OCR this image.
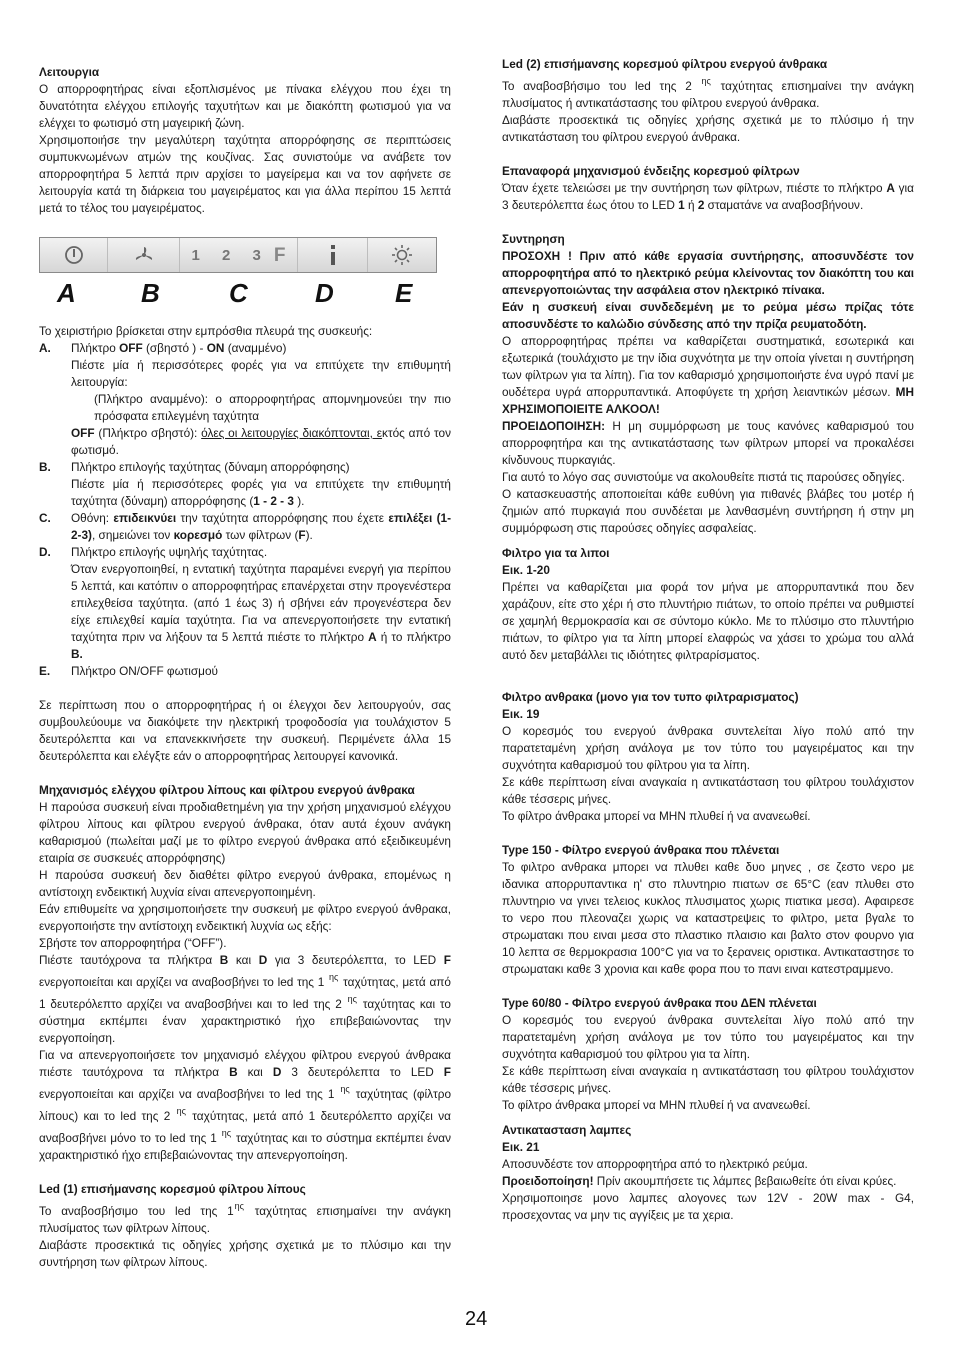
Λειτουργια

Ο απορροφητήρας είναι εξοπλισμένος με πίνακα ελέγχου που έχει τη δυνατότητα ελέγχου επιλογής ταχυτήτων και με διακόπτη φωτισμού για να ελέγχει το φωτισμό στη μαγειρική ζώνη.

Χρησιμοποιήσε την μεγαλύτερη ταχύτητα απορρόφησης σε περιπτώσεις συμπυκνωμένων ατμών της κουζίνας. Σας συνιστούμε να ανάβετε τον απορροφητήρα 5 λεπτά πριν αρχίσει το μαγείρεμα και να τον αφήνετε σε λειτουργία κατά τη διάρκεια του μαγειρέματος και για άλλα περίπου 15 λεπτά μετά το τέλος του μαγειρέματος.

1 2 3 F
A	B	C	D	E

Το χειριστήριο βρίσκεται στην εμπρόσθια πλευρά της συσκευής:

A.	Πλήκτρο OFF (σβηστό ) - ON (αναμμένο)

Πιέστε μία ή περισσότερες φορές για να επιτύχετε την επιθυμητή λειτουργία:

(Πλήκτρο αναμμένο): ο απορροφητήρας απομνημονεύει την πιο πρόσφατα επιλεγμένη ταχύτητα

OFF (Πλήκτρο σβηστό): όλες οι λειτουργίες διακόπτονται, εκτός από τον φωτισμό.

B.	Πλήκτρο επιλογής ταχύτητας (δύναμη απορρόφησης)

Πιέστε μία ή περισσότερες φορές για να επιτύχετε την επιθυμητή ταχύτητα (δύναμη) απορρόφησης (1 - 2 - 3 ).

C.	Οθόνη: επιδεικνύει την ταχύτητα απορρόφησης που έχετε επιλέξει (1-2-3), σημειώνει τον κορεσμό των φίλτρων (F).

D.	Πλήκτρο επιλογής υψηλής ταχύτητας.

Όταν ενεργοποιηθεί, η εντατική ταχύτητα παραμένει ενεργή για περίπου 5 λεπτά, και κατόπιν ο απορροφητήρας επανέρχεται στην προγενέστερα επιλεχθείσα ταχύτητα. (από 1 έως 3) ή σβήνει εάν προγενέστερα δεν είχε επιλεχθεί καμία ταχύτητα. Για να απενεργοποιήσετε την εντατική ταχύτητα πριν να λήξουν τα 5 λεπτά πιέστε το πλήκτρο A ή το πλήκτρο B.

E.	Πλήκτρο ON/OFF φωτισμού

Σε περίπτωση που ο απορροφητήρας ή οι έλεγχοι δεν λειτουργούν, σας συμβουλεύουμε να διακόψετε την ηλεκτρική τροφοδοσία για τουλάχιστον 5 δευτερόλεπτα και να επανεκκινήσετε την συσκευή. Περιμένετε άλλα 15 δευτερόλεπτα και ελέγξτε εάν ο απορροφητήρας λειτουργεί κανονικά.

Μηχανισμός ελέγχου φίλτρου λίπους και φίλτρου ενεργού άνθρακα

Η παρούσα συσκευή είναι προδιαθετημένη για την χρήση μηχανισμού ελέγχου φίλτρου λίπους και φίλτρου ενεργού άνθρακα, όταν αυτά έχουν ανάγκη καθαρισμού (πωλείται μαζί με το φίλτρο ενεργού άνθρακα από εξειδικευμένη εταιρία σε συσκευές απορρόφησης)

Η παρούσα συσκευή δεν διαθέτει φίλτρο ενεργού άνθρακα, επομένως η αντίστοιχη ενδεικτική λυχνία είναι απενεργοποιημένη.

Εάν επιθυμείτε να χρησιμοποιήσετε την συσκευή με φίλτρο ενεργού άνθρακα, ενεργοποιήστε την αντίστοιχη ενδεικτική λυχνία ως εξής:

Σβήστε τον απορροφητήρα (“OFF”).

Πιέστε ταυτόχρονα τα πλήκτρα B και D για 3 δευτερόλεπτα, το LED F ενεργοποιείται και αρχίζει να αναβοσβήνει το led της 1 $^{\eta\varsigma}$ ταχύτητας, μετά από 1 δευτερόλεπτο αρχίζει να αναβοσβήνει και το led της 2 $^{\eta\varsigma}$ ταχύτητας και το σύστημα εκπέμπει έναν χαρακτηριστικό ήχο επιβεβαιώνοντας την ενεργοποίηση.

Για να απενεργοποιήσετε τον μηχανισμό ελέγχου φίλτρου ενεργού άνθρακα πιέστε ταυτόχρονα τα πλήκτρα B και D 3 δευτερόλεπτα το LED F ενεργοποιείται και αρχίζει να αναβοσβήνει το led της 1 $^{\eta\varsigma}$ ταχύτητας (φίλτρο λίπους) και το led της 2 $^{\eta\varsigma}$ ταχύτητας, μετά από 1 δευτερόλεπτο αρχίζει να αναβοσβήνει μόνο το το led της 1 $^{\eta\varsigma}$ ταχύτητας και το σύστημα εκπέμπει έναν χαρακτηριστικό ήχο επιβεβαιώνοντας την απενεργοποίηση.

Led (1) επισήμανσης κορεσμού φίλτρου λίπους

Το αναβοσβήσιμο του led της $1^{\eta\varsigma}$ ταχύτητας επισημαίνει την ανάγκη πλυσίματος των φίλτρων λίπους.

Διαβάστε προσεκτικά τις οδηγίες χρήσης σχετικά με το πλύσιμο και την συντήρηση των φίλτρων λίπους.

Led (2) επισήμανσης κορεσμού φίλτρου ενεργού άνθρακα

Το αναβοσβήσιμο του led της 2 $^{\eta\varsigma}$ ταχύτητας επισημαίνει την ανάγκη πλυσίματος ή αντικατάστασης του φίλτρου ενεργού άνθρακα.

Διαβάστε προσεκτικά τις οδηγίες χρήσης σχετικά με το πλύσιμο ή την αντικατάσταση του φίλτρου ενεργού άνθρακα.

Επαναφορά μηχανισμού ένδειξης κορεσμού φίλτρων

Όταν έχετε τελειώσει με την συντήρηση των φίλτρων, πιέστε το πλήκτρο A για 3 δευτερόλεπτα έως ότου το LED 1 ή 2 σταματάνε να αναβοσβήνουν.

Συντηρηση

ΠΡΟΣΟΧΗ ! Πριν από κάθε εργασία συντήρησης, αποσυνδέστε τον απορροφητήρα από το ηλεκτρικό ρεύμα κλείνοντας τον διακόπτη του και απενεργοποιώντας την ασφάλεια στον ηλεκτρικό πίνακα.

Εάν η συσκευή είναι συνδεδεμένη με το ρεύμα μέσω πρίζας τότε αποσυνδέστε το καλώδιο σύνδεσης από την πρίζα ρευματοδότη.

Ο απορροφητήρας πρέπει να καθαρίζεται συστηματικά, εσωτερικά και εξωτερικά (τουλάχιστο με την ίδια συχνότητα με την οποία γίνεται η συντήρηση των φίλτρων για τα λίπη). Για τον καθαρισμό χρησιμοποιήστε ένα υγρό πανί με ουδέτερα υγρά απορρυπαντικά. Αποφύγετε τη χρήση λειαντικών μέσων. ΜΗ ΧΡΗΣΙΜΟΠΟΙΕΙΤΕ ΑΛΚΟΟΛ!

ΠΡΟΕΙΔΟΠΟΙΗΣΗ: Η μη συμμόρφωση με τους κανόνες καθαρισμού του απορροφητήρα και της αντικατάστασης των φίλτρων μπορεί να προκαλέσει κίνδυνους πυρκαγιάς.

Για αυτό το λόγο σας συνιστούμε να ακολουθείτε πιστά τις παρούσες οδηγίες.

Ο κατασκευαστής αποποιείται κάθε ευθύνη για πιθανές βλάβες του μοτέρ ή ζημιών από πυρκαγιά που συνδέεται με λανθασμένη συντήρηση ή στην μη συμμόρφωση στις παρούσες οδηγίες ασφαλείας.

Φιλτρο για τα λιποι

Εικ. 1-20

Πρέπει να καθαρίζεται μια φορά τον μήνα με απορρυπαντικά που δεν χαράζουν, είτε στο χέρι ή στο πλυντήριο πιάτων, το οποίο πρέπει να ρυθμιστεί σε χαμηλή θερμοκρασία και σε σύντομο κύκλο. Με το πλύσιμο στο πλυντήριο πιάτων, το φίλτρο για τα λίπη μπορεί ελαφρώς να χάσει το χρώμα του αλλά αυτό δεν μεταβάλλει τις ιδιότητες φιλτραρίσματος.

Φιλτρο ανθρακα (μονο για τον τυπο φιλτραρισματος)

Εικ. 19

Ο κορεσμός του ενεργού άνθρακα συντελείται λίγο πολύ από την παρατεταμένη χρήση ανάλογα με τον τύπο του μαγειρέματος και την συχνότητα καθαρισμού του φίλτρου για τα λίπη.

Σε κάθε περίπτωση είναι αναγκαία η αντικατάσταση του φίλτρου τουλάχιστον κάθε τέσσερις μήνες.

Το φίλτρο άνθρακα μπορεί να ΜΗΝ πλυθεί ή να ανανεωθεί.

Type 150 - Φίλτρο ενεργού άνθρακα που πλένεται

Το φιλτρο ανθρακα μπορει να πλυθει καθε δυο μηνες , σε ζεστο νερο με ιδανικα απορρυπαντικα η' στο πλυντηριο πιατων σε 65°C (εαν πλυθει στο πλυντηριο να γινει τελειος κυκλος πλυσιματος χωρις πιατικα μεσα). Αφαιρεσε το νερο που πλεοναζει χωρις να καταστρεψεις το φιλτρο, μετα βγαλε το στρωματακι που ειναι μεσα στο πλαστικο πλαισιο και βαλτο στον φουρνο για 10 λεπτα σε θερμοκρασια 100°C για να το ξερανεις οριστικα. Αντικαταστησε το στρωματακι καθε 3 χρονια και καθε φορα που το πανι ειναι κατεστραμμενο.

Type 60/80 - Φίλτρο ενεργού άνθρακα που ΔΕΝ πλένεται

Ο κορεσμός του ενεργού άνθρακα συντελείται λίγο πολύ από την παρατεταμένη χρήση ανάλογα με τον τύπο του μαγειρέματος και την συχνότητα καθαρισμού του φίλτρου για τα λίπη.

Σε κάθε περίπτωση είναι αναγκαία η αντικατάσταση του φίλτρου τουλάχιστον κάθε τέσσερις μήνες.

Το φίλτρο άνθρακα μπορεί να ΜΗΝ πλυθεί ή να ανανεωθεί.

Αντικατασταση λαμπες

Εικ. 21

Αποσυνδέστε τον απορροφητήρα από το ηλεκτρικό ρεύμα.

Προειδοποίηση! Πρίν ακουμπήσετε τις λάμπες βεβαιωθείτε ότι είναι κρύες.

Χρησιμοποιησε μονο λαμπες αλογονες των 12V - 20W max - G4, προσεχοντας να μην τις αγγίξεις με τα χερια.

24
